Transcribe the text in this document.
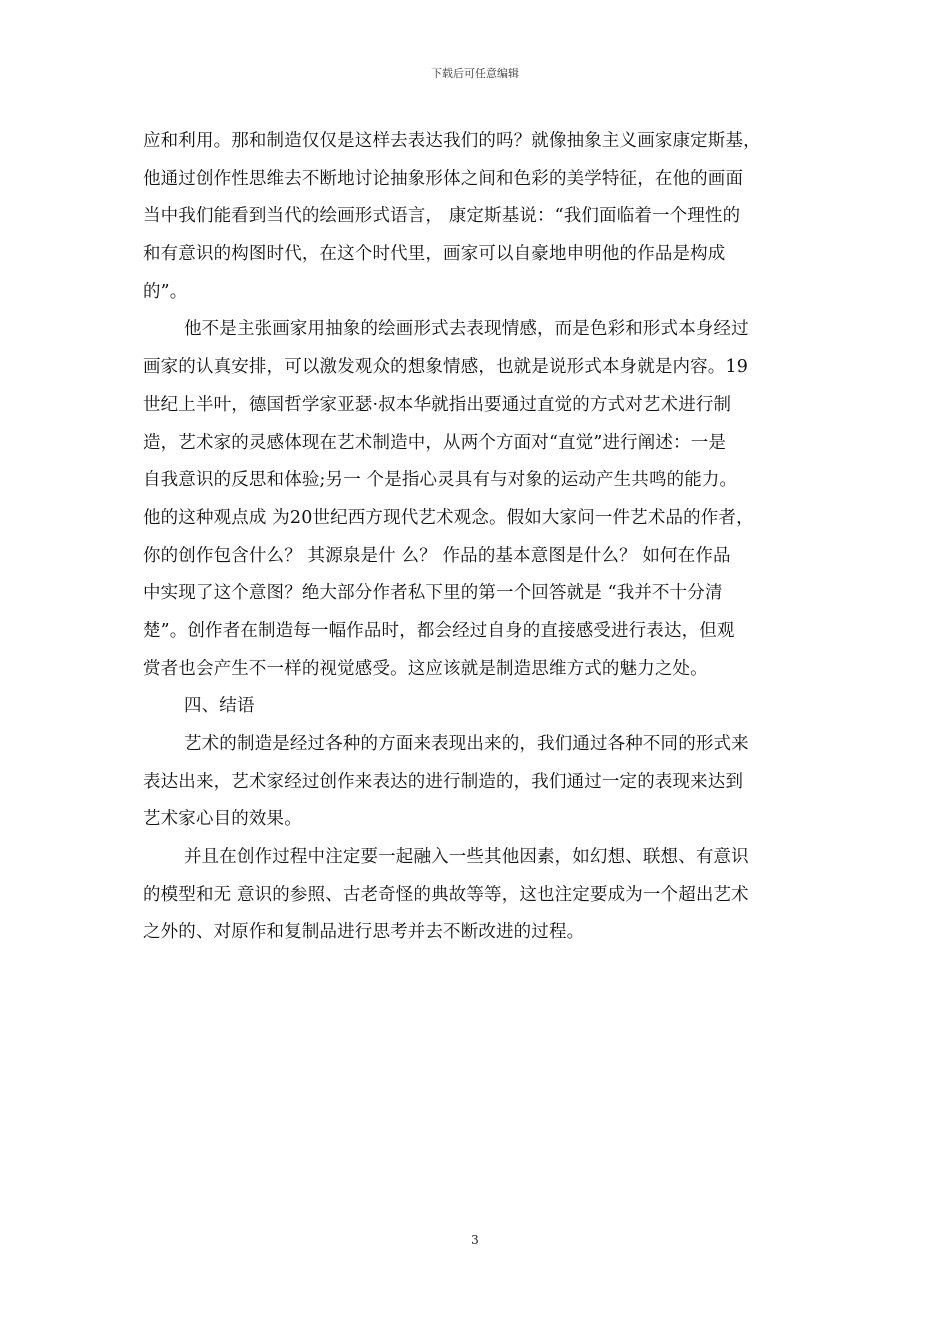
下载后可任意编辑
应和利用。那和制造仅仅是这样去表达我们的吗？就像抽象主义画家康定斯基，
他通过创作性思维去不断地讨论抽象形体之间和色彩的美学特征，在他的画面
当中我们能看到当代的绘画形式语言， 康定斯基说：“我们面临着一个理性的
和有意识的构图时代，在这个时代里，画家可以自豪地申明他的作品是构成
的”。
他不是主张画家用抽象的绘画形式去表现情感，而是色彩和形式本身经过
画家的认真安排，可以激发观众的想象情感，也就是说形式本身就是内容。19
世纪上半叶，德国哲学家亚瑟·叔本华就指出要通过直觉的方式对艺术进行制
造，艺术家的灵感体现在艺术制造中，从两个方面对“直觉”进行阐述：一是
自我意识的反思和体验;另一 个是指心灵具有与对象的运动产生共鸣的能力。
他的这种观点成 为20世纪西方现代艺术观念。假如大家问一件艺术品的作者，
你的创作包含什么？ 其源泉是什 么？ 作品的基本意图是什么？ 如何在作品
中实现了这个意图？绝大部分作者私下里的第一个回答就是 “我并不十分清
楚”。创作者在制造每一幅作品时，都会经过自身的直接感受进行表达，但观
赏者也会产生不一样的视觉感受。这应该就是制造思维方式的魅力之处。
四、结语
艺术的制造是经过各种的方面来表现出来的，我们通过各种不同的形式来
表达出来，艺术家经过创作来表达的进行制造的，我们通过一定的表现来达到
艺术家心目的效果。
并且在创作过程中注定要一起融入一些其他因素，如幻想、联想、有意识
的模型和无 意识的参照、古老奇怪的典故等等，这也注定要成为一个超出艺术
之外的、对原作和复制品进行思考并去不断改进的过程。
3
